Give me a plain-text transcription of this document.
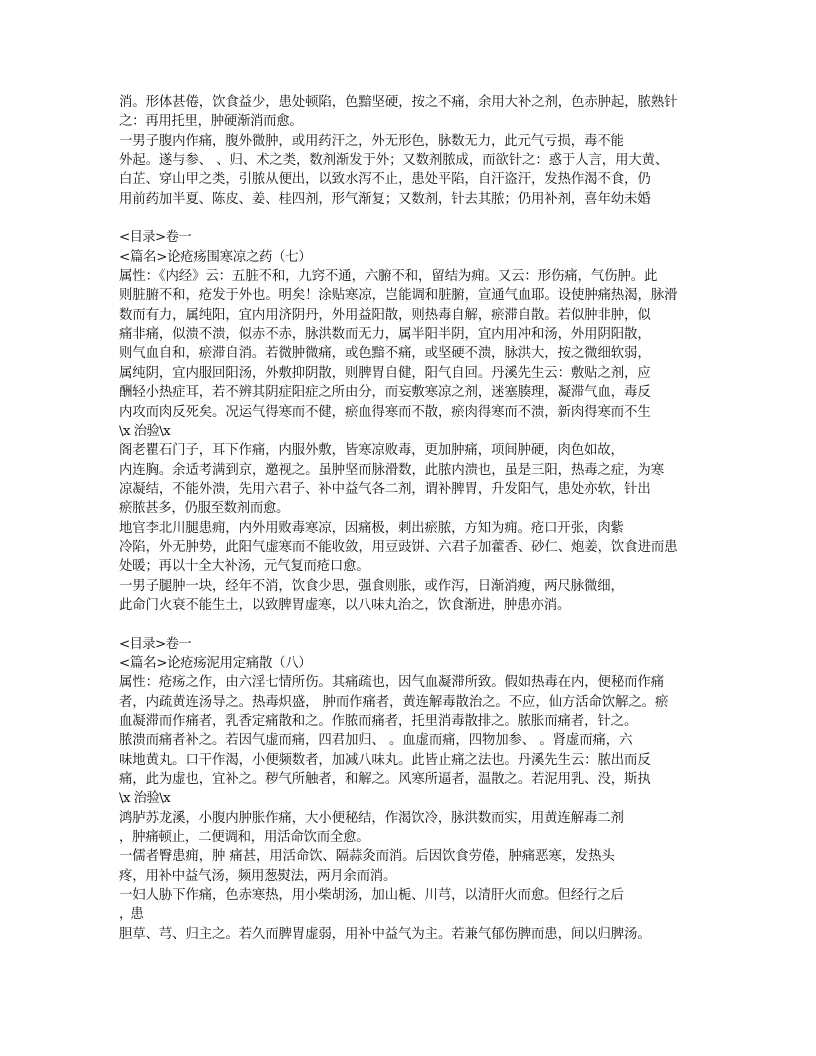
消。形体甚倦，饮食益少，患处顿陷，色黯坚硬，按之不痛，余用大补之剂，色赤肿起，脓熟针
之：再用托里，肿硬渐消而愈。
一男子腹内作痛，腹外微肿，或用药汗之，外无形色，脉数无力，此元气亏损，毒不能
外起。遂与参、 、归、术之类，数剂渐发于外；又数剂脓成，而欲针之：惑于人言，用大黄、
白芷、穿山甲之类，引脓从便出，以致水泻不止，患处平陷，自汗盗汗，发热作渴不食，仍
用前药加半夏、陈皮、姜、桂四剂，形气渐复；又数剂，针去其脓；仍用补剂，喜年幼未婚
<目录>卷一
<篇名>论疮疡围寒凉之药（七）
属性：《内经》云：五脏不和，九窍不通，六腑不和，留结为痈。又云：形伤痛，气伤肿。此
则脏腑不和，疮发于外也。明矣！涂贴寒凉，岂能调和脏腑，宣通气血耶。设使肿痛热渴，脉滑
数而有力，属纯阳，宜内用济阴丹，外用益阳散，则热毒自解，瘀滞自散。若似肿非肿，似
痛非痛，似溃不溃，似赤不赤，脉洪数而无力，属半阳半阴，宜内用冲和汤，外用阴阳散，
则气血自和，瘀滞自消。若微肿微痛，或色黯不痛，或坚硬不溃，脉洪大，按之微细软弱，
属纯阴，宜内服回阳汤，外敷抑阴散，则脾胃自健，阳气自回。丹溪先生云：敷贴之剂，应
酬轻小热症耳，若不辨其阴症阳症之所由分，而妄敷寒凉之剂，迷塞腠理，凝滞气血，毒反
内攻而肉反死矣。况运气得寒而不健，瘀血得寒而不散，瘀肉得寒而不溃，新肉得寒而不生
\x 治验\x
阁老瞿石门子，耳下作痛，内服外敷，皆寒凉败毒，更加肿痛，项间肿硬，肉色如故，
内连胸。余适考满到京，邀视之。虽肿坚而脉滑数，此脓内溃也，虽是三阳，热毒之症，为寒
凉凝结，不能外溃，先用六君子、补中益气各二剂，谓补脾胃，升发阳气，患处亦软，针出
瘀脓甚多，仍服至数剂而愈。
地官李北川腿患痈，内外用败毒寒凉，因痛极，刺出瘀脓，方知为痈。疮口开张，肉紫
冷陷，外无肿势，此阳气虚寒而不能收敛，用豆豉饼、六君子加藿香、砂仁、炮姜，饮食进而患
处暖；再以十全大补汤，元气复而疮口愈。
一男子腿肿一块，经年不消，饮食少思，强食则胀，或作泻，日渐消瘦，两尺脉微细，
此命门火衰不能生土，以致脾胃虚寒，以八味丸治之，饮食渐进，肿患亦消。
<目录>卷一
<篇名>论疮疡泥用定痛散（八）
属性：疮疡之作，由六淫七情所伤。其痛疏也，因气血凝滞所致。假如热毒在内，便秘而作痛
者，内疏黄连汤导之。热毒炽盛， 肿而作痛者，黄连解毒散治之。不应，仙方活命饮解之。瘀
血凝滞而作痛者，乳香定痛散和之。作脓而痛者，托里消毒散排之。脓胀而痛者，针之。
脓溃而痛者补之。若因气虚而痛，四君加归、 。血虚而痛，四物加参、 。肾虚而痛，六
味地黄丸。口干作渴，小便频数者，加减八味丸。此皆止痛之法也。丹溪先生云：脓出而反
痛，此为虚也，宜补之。秽气所触者，和解之。风寒所逼者，温散之。若泥用乳、没，斯执
\x 治验\x
鸿胪苏龙溪，小腹内肿胀作痛，大小便秘结，作渴饮冷，脉洪数而实，用黄连解毒二剂
，肿痛顿止，二便调和，用活命饮而全愈。
一儒者臀患痈，肿 痛甚，用活命饮、隔蒜灸而消。后因饮食劳倦，肿痛恶寒，发热头
疼，用补中益气汤，频用葱熨法，两月余而消。
一妇人胁下作痛，色赤寒热，用小柴胡汤，加山栀、川芎，以清肝火而愈。但经行之后
，患
胆草、芎、归主之。若久而脾胃虚弱，用补中益气为主。若兼气郁伤脾而患，间以归脾汤。
